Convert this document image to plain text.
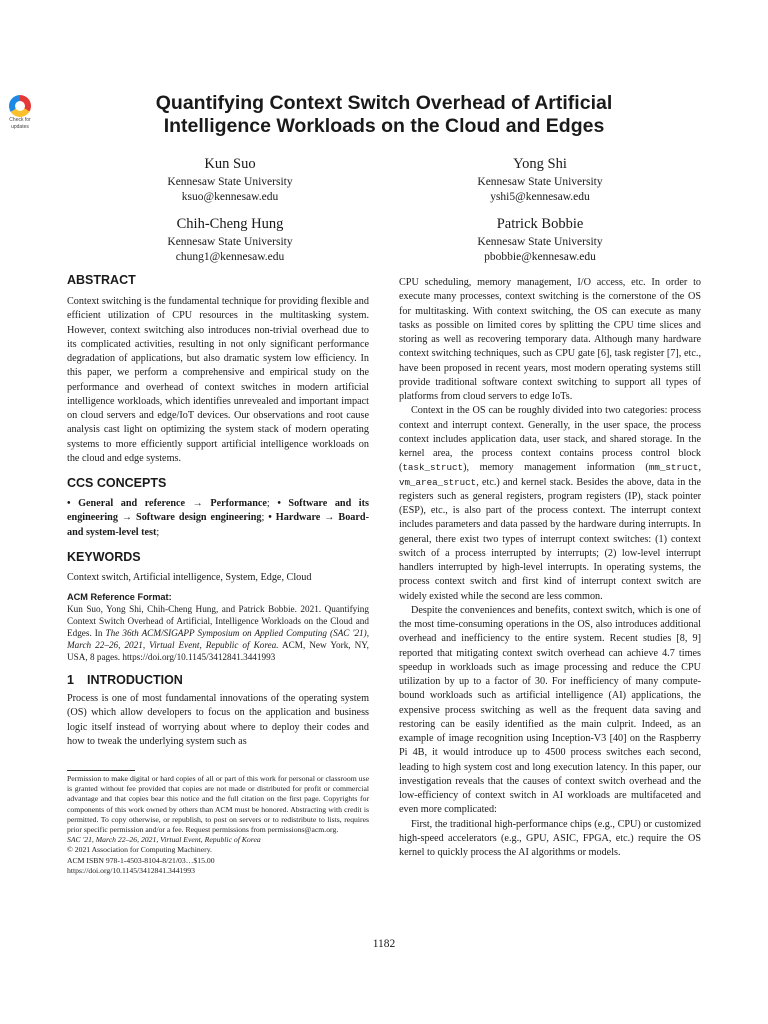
Check for
updates
Quantifying Context Switch Overhead of Artificial
Intelligence Workloads on the Cloud and Edges
Kun Suo
Kennesaw State University
ksuo@kennesaw.edu
Yong Shi
Kennesaw State University
yshi5@kennesaw.edu
Chih-Cheng Hung
Kennesaw State University
chung1@kennesaw.edu
Patrick Bobbie
Kennesaw State University
pbobbie@kennesaw.edu
ABSTRACT

Context switching is the fundamental technique for providing flexible and efficient utilization of CPU resources in the multitasking system. However, context switching also introduces non-trivial overhead due to its complicated activities, resulting in not only significant performance degradation of applications, but also dramatic system low efficiency. In this paper, we perform a comprehensive and empirical study on the performance and overhead of context switches in modern artificial intelligence workloads, which identifies unrevealed and important impact on cloud servers and edge/IoT devices. Our observations and root cause analysis cast light on optimizing the system stack of modern operating systems to more efficiently support artificial intelligence workloads on the cloud and edge systems.

CCS CONCEPTS

• General and reference → Performance; • Software and its engineering → Software design engineering; • Hardware → Board- and system-level test;

KEYWORDS

Context switch, Artificial intelligence, System, Edge, Cloud

ACM Reference Format:

Kun Suo, Yong Shi, Chih-Cheng Hung, and Patrick Bobbie. 2021. Quantifying Context Switch Overhead of Artificial, Intelligence Workloads on the Cloud and Edges. In The 36th ACM/SIGAPP Symposium on Applied Computing (SAC '21), March 22–26, 2021, Virtual Event, Republic of Korea. ACM, New York, NY, USA, 8 pages. https://doi.org/10.1145/3412841.3441993

1 INTRODUCTION

Process is one of most fundamental innovations of the operating system (OS) which allow developers to focus on the application and business logic itself instead of worrying about where to deploy their codes and how to tweak the underlying system such as

Permission to make digital or hard copies of all or part of this work for personal or classroom use is granted without fee provided that copies are not made or distributed for profit or commercial advantage and that copies bear this notice and the full citation on the first page. Copyrights for components of this work owned by others than ACM must be honored. Abstracting with credit is permitted. To copy otherwise, or republish, to post on servers or to redistribute to lists, requires prior specific permission and/or a fee. Request permissions from permissions@acm.org.
SAC '21, March 22–26, 2021, Virtual Event, Republic of Korea
© 2021 Association for Computing Machinery.
ACM ISBN 978-1-4503-8104-8/21/03…$15.00
https://doi.org/10.1145/3412841.3441993

CPU scheduling, memory management, I/O access, etc. In order to execute many processes, context switching is the cornerstone of the OS for multitasking. With context switching, the OS can execute as many tasks as possible on limited cores by splitting the CPU time slices and storing as well as recovering temporary data. Although many hardware context switching techniques, such as CPU gate [6], task register [7], etc., have been proposed in recent years, most modern operating systems still provide traditional software context switching to support all types of platforms from cloud servers to edge IoTs.

Context in the OS can be roughly divided into two categories: process context and interrupt context. Generally, in the user space, the process context includes application data, user stack, and shared storage. In the kernel area, the process context contains process control block (task_struct), memory management information (mm_struct, vm_area_struct, etc.) and kernel stack. Besides the above, data in the registers such as general registers, program registers (IP), stack pointer (ESP), etc., is also part of the process context. The interrupt context includes parameters and data passed by the hardware during interrupts. In general, there exist two types of interrupt context switches: (1) context switch of a process interrupted by interrupts; (2) low-level interrupt handlers interrupted by high-level interrupts. In operating systems, the process context switch and first kind of interrupt context switch are widely existed while the second are less common.

Despite the conveniences and benefits, context switch, which is one of the most time-consuming operations in the OS, also introduces additional overhead and inefficiency to the entire system. Recent studies [8, 9] reported that mitigating context switch overhead can achieve 4.7 times speedup in workloads such as image processing and reduce the CPU utilization by up to a factor of 30. For inefficiency of many compute-bound workloads such as artificial intelligence (AI) applications, the expensive process switching as well as the frequent data saving and restoring can be easily identified as the main culprit. Indeed, as an example of image recognition using Inception-V3 [40] on the Raspberry Pi 4B, it would introduce up to 4500 process switches each second, leading to high system cost and long execution latency. In this paper, our investigation reveals that the causes of context switch overhead and the low-efficiency of context switch in AI workloads are multifaceted and even more complicated:

First, the traditional high-performance chips (e.g., CPU) or customized high-speed accelerators (e.g., GPU, ASIC, FPGA, etc.) require the OS kernel to quickly process the AI algorithms or models.

1182
